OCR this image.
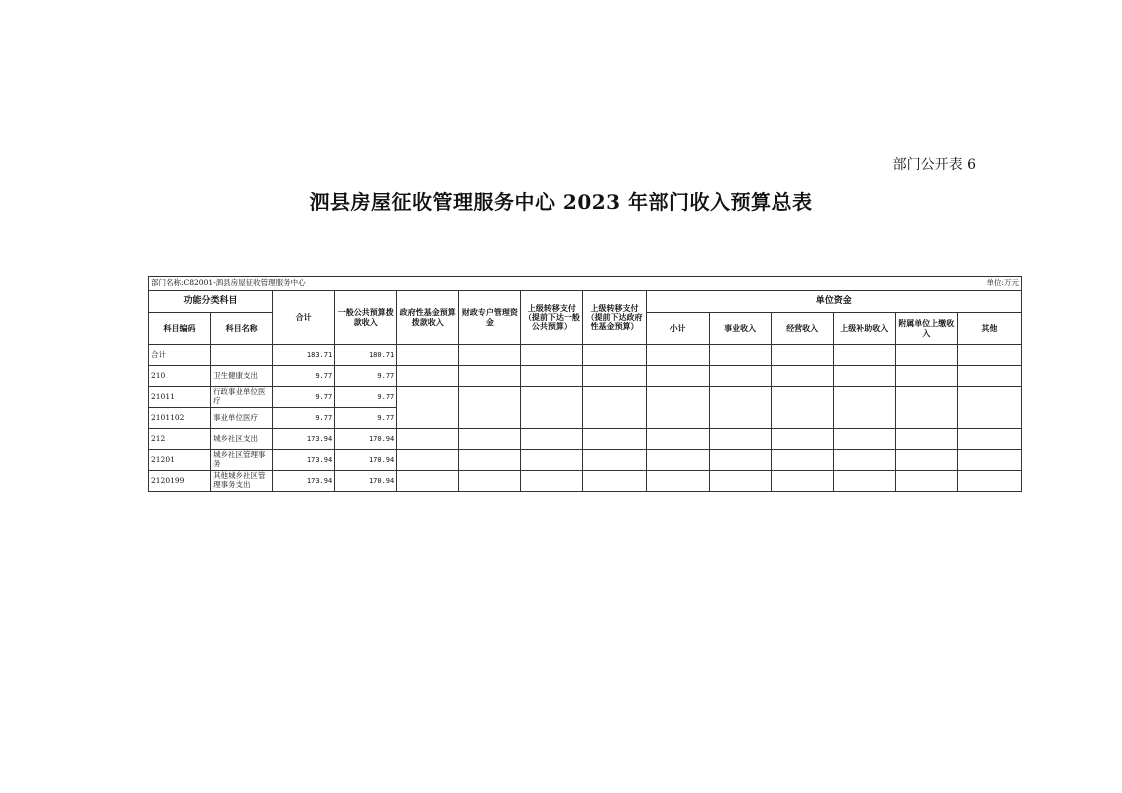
部门公开表 6
泗县房屋征收管理服务中心 2023 年部门收入预算总表
部门名称:C82001-泗县房屋征收管理服务中心							单位:万元						
功能分类科目		合计	一般公共预算拨款收入	政府性基金预算拨款收入	财政专户管理资金	上级转移支付（提前下达一般公共预算）	上级转移支付（提前下达政府性基金预算）	单位资金					
科目编码	科目名称							小计	事业收入	经营收入	上级补助收入	附属单位上缴收入	其他
合计		183.71	180.71										
210	卫生健康支出	9.77	9.77										
21011	行政事业单位医疗	9.77	9.77										
2101102	事业单位医疗	9.77	9.77										
212	城乡社区支出	173.94	170.94										
21201	城乡社区管理事务	173.94	170.94										
2120199	其他城乡社区管理事务支出	173.94	170.94										
